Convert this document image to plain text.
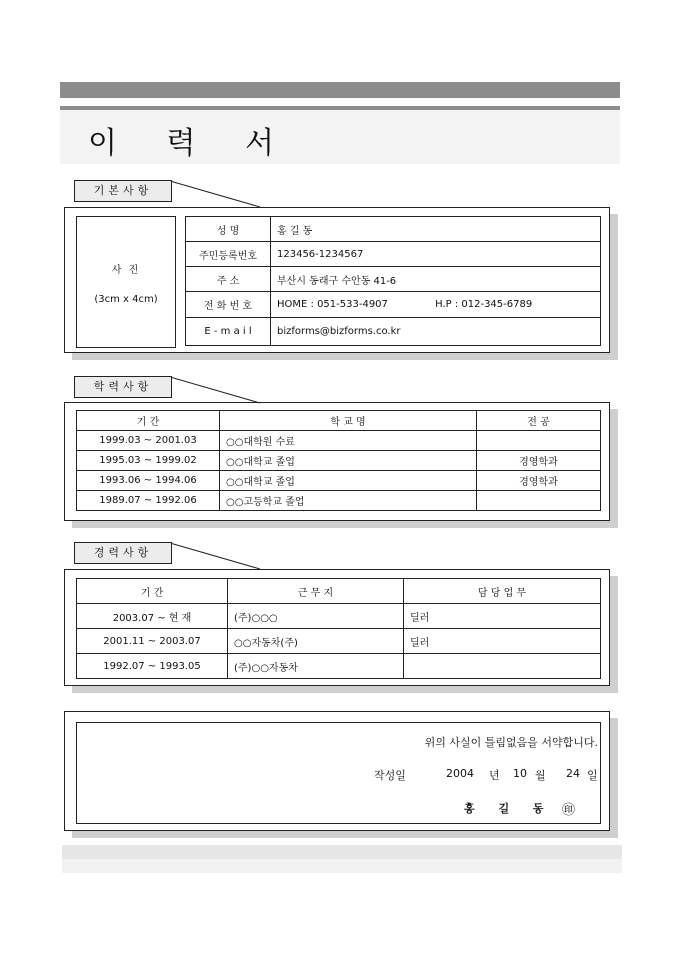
이 력 서
기본사항
사 진
(3cm x 4cm)
성 명	홍 길 동
주민등록번호	123456-1234567
주 소	부산시 동래구 수안동 41-6
전 화 번 호	HOME : 051-533-4907 H.P : 012-345-6789
E - m a i l	bizforms@bizforms.co.kr
학력사항
기 간	학 교 명	전 공
1999.03 ~ 2001.03	○○대학원 수료	
1995.03 ~ 1999.02	○○대학교 졸업	경영학과
1993.06 ~ 1994.06	○○대학교 졸업	경영학과
1989.07 ~ 1992.06	○○고등학교 졸업	
경력사항
기 간	근 무 지	담 당 업 무
2003.07 ~ 현 재	(주)○○○	딜러
2001.11 ~ 2003.07	○○자동차(주)	딜러
1992.07 ~ 1993.05	(주)○○자동차	
위의 사실이 틀림없음을 서약합니다.
작성일	2004 년 10 월 24 일
홍 길 동 ㊞
